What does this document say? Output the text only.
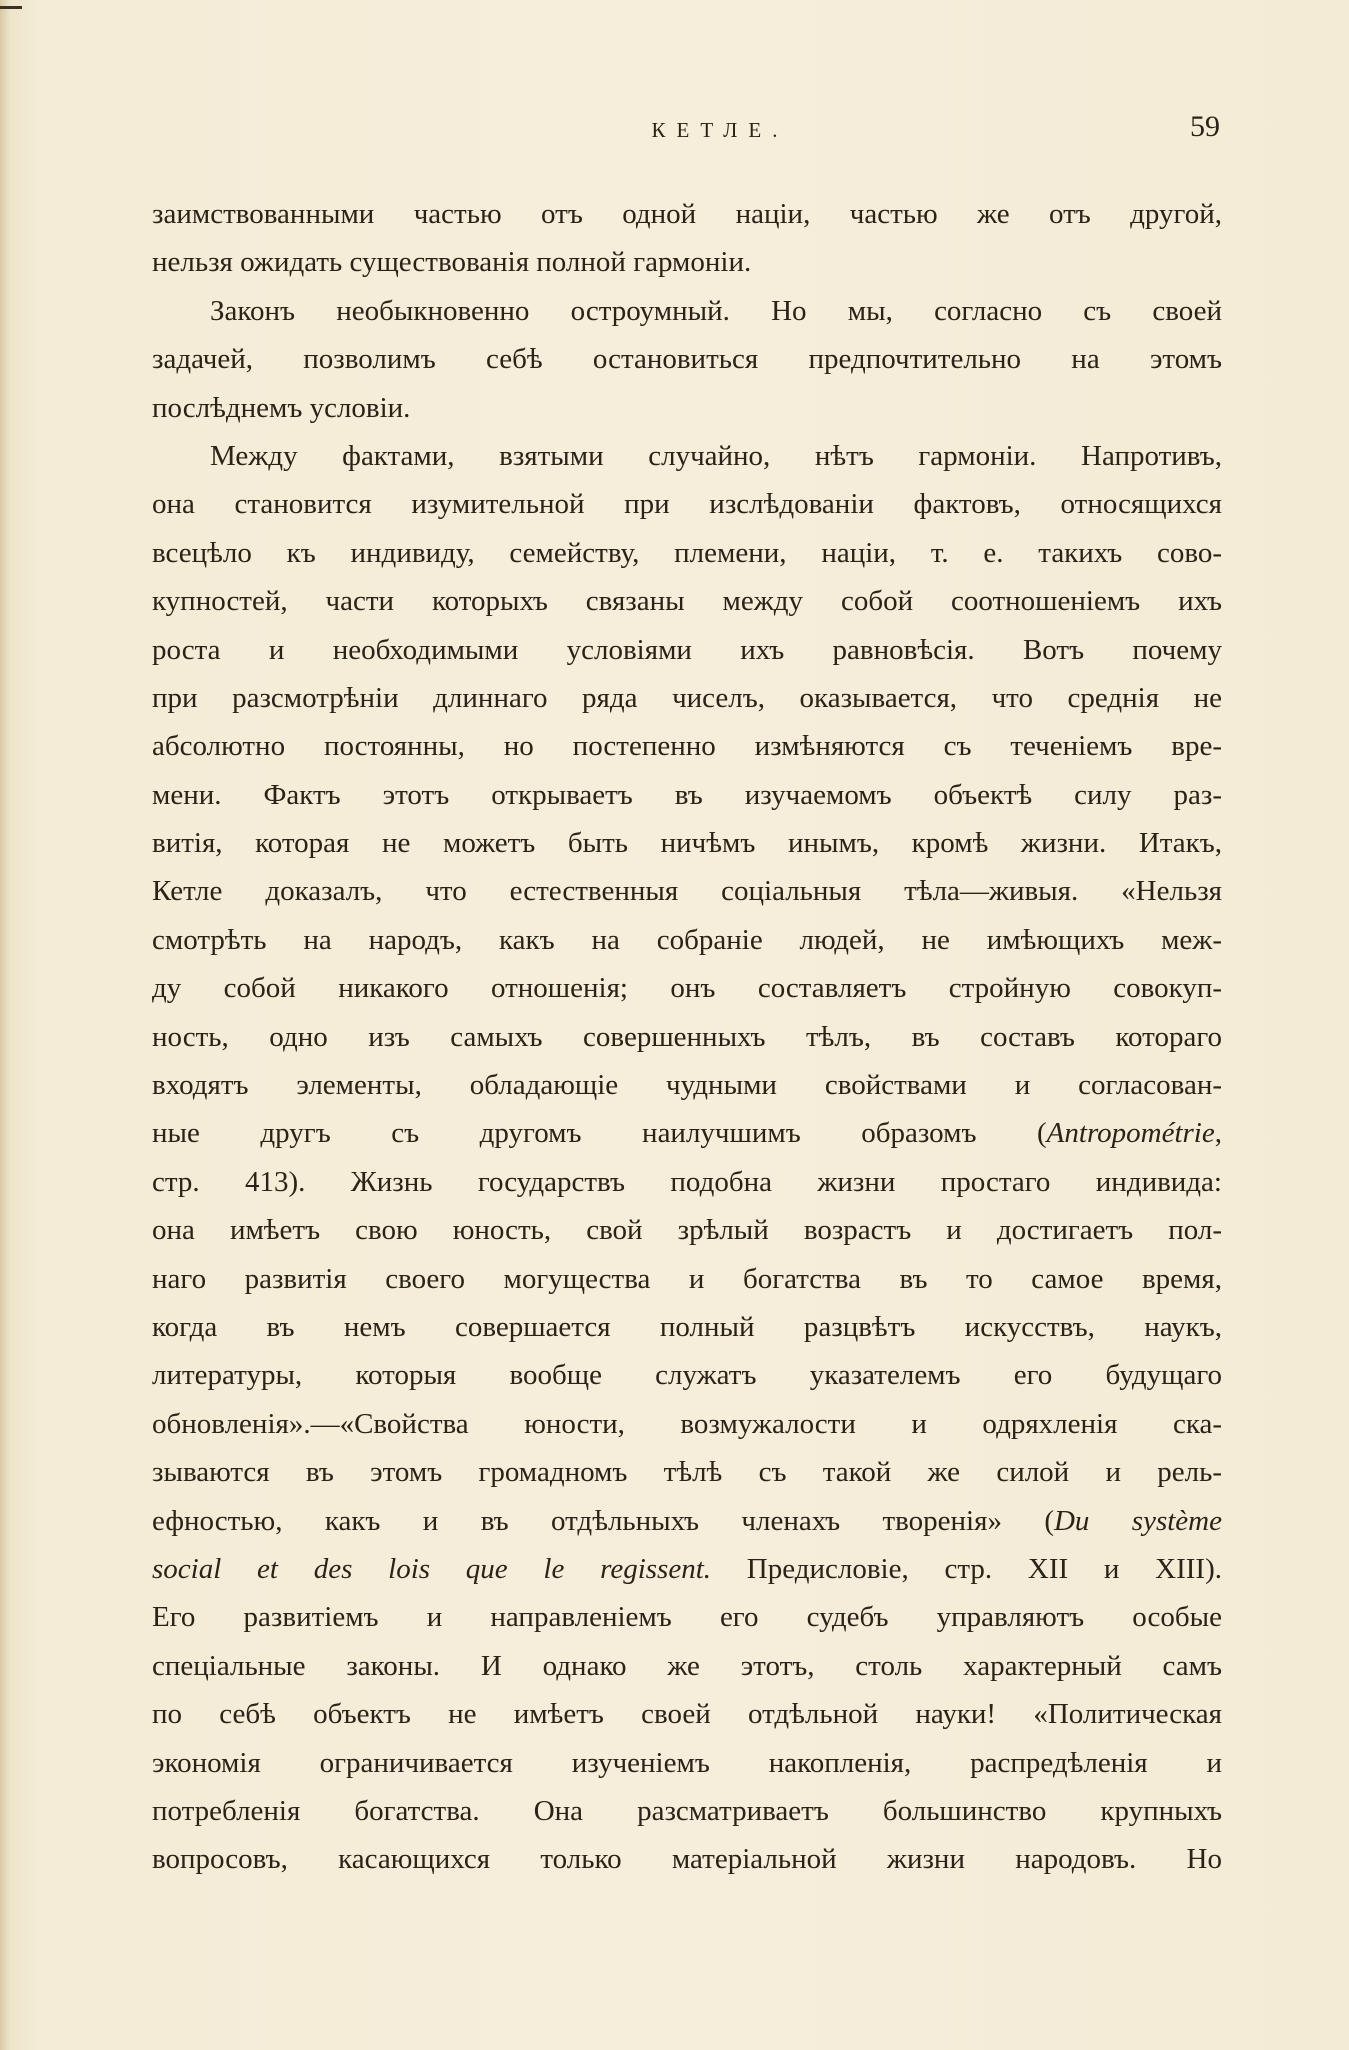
КЕТЛЕ.	59
заимствованными частью отъ одной націи, частью же отъ другой,
нельзя ожидать существованія полной гармоніи.
Законъ необыкновенно остроумный. Но мы, согласно съ своей
задачей, позволимъ себѣ остановиться предпочтительно на этомъ
послѣднемъ условіи.
Между фактами, взятыми случайно, нѣтъ гармоніи. Напротивъ,
она становится изумительной при изслѣдованіи фактовъ, относящихся
всецѣло къ индивиду, семейству, племени, націи, т. е. такихъ сово-
купностей, части которыхъ связаны между собой соотношеніемъ ихъ
роста и необходимыми условіями ихъ равновѣсія. Вотъ почему
при разсмотрѣніи длиннаго ряда чиселъ, оказывается, что среднія не
абсолютно постоянны, но постепенно измѣняются съ теченіемъ вре-
мени. Фактъ этотъ открываетъ въ изучаемомъ объектѣ силу раз-
витія, которая не можетъ быть ничѣмъ инымъ, кромѣ жизни. Итакъ,
Кетле доказалъ, что естественныя соціальныя тѣла—живыя. «Нельзя
смотрѣть на народъ, какъ на собраніе людей, не имѣющихъ меж-
ду собой никакого отношенія; онъ составляетъ стройную совокуп-
ность, одно изъ самыхъ совершенныхъ тѣлъ, въ составъ котораго
входятъ элементы, обладающіе чудными свойствами и согласован-
ные другъ съ другомъ наилучшимъ образомъ (Antropométrie,
стр. 413). Жизнь государствъ подобна жизни простаго индивида:
она имѣетъ свою юность, свой зрѣлый возрастъ и достигаетъ пол-
наго развитія своего могущества и богатства въ то самое время,
когда въ немъ совершается полный разцвѣтъ искусствъ, наукъ,
литературы, которыя вообще служатъ указателемъ его будущаго
обновленія».—«Свойства юности, возмужалости и одряхленія ска-
зываются въ этомъ громадномъ тѣлѣ съ такой же силой и рель-
ефностью, какъ и въ отдѣльныхъ членахъ творенія» (Du système
social et des lois que le regissent. Предисловіе, стр. XII и XIII).
Его развитіемъ и направленіемъ его судебъ управляютъ особые
спеціальные законы. И однако же этотъ, столь характерный самъ
по себѣ объектъ не имѣетъ своей отдѣльной науки! «Политическая
экономія ограничивается изученіемъ накопленія, распредѣленія и
потребленія богатства. Она разсматриваетъ большинство крупныхъ
вопросовъ, касающихся только матеріальной жизни народовъ. Но
